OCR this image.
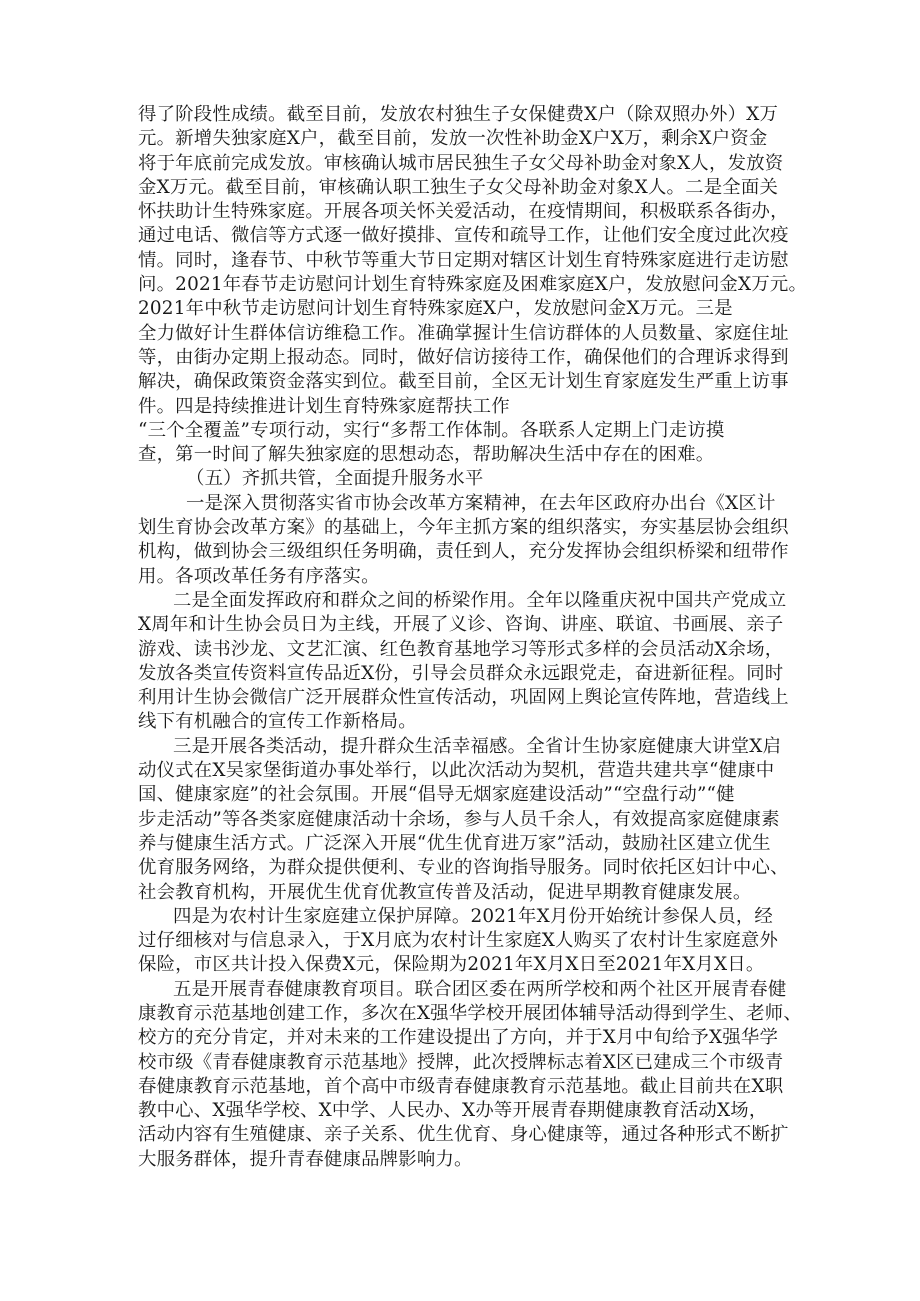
得了阶段性成绩。截至目前，发放农村独生子女保健费X户（除双照办外）X万
元。新增失独家庭X户，截至目前，发放一次性补助金X户X万，剩余X户资金
将于年底前完成发放。审核确认城市居民独生子女父母补助金对象X人，发放资
金X万元。截至目前，审核确认职工独生子女父母补助金对象X人。二是全面关
怀扶助计生特殊家庭。开展各项关怀关爱活动，在疫情期间，积极联系各街办，
通过电话、微信等方式逐一做好摸排、宣传和疏导工作，让他们安全度过此次疫
情。同时，逢春节、中秋节等重大节日定期对辖区计划生育特殊家庭进行走访慰
问。2021年春节走访慰问计划生育特殊家庭及困难家庭X户，发放慰问金X万元。
2021年中秋节走访慰问计划生育特殊家庭X户，发放慰问金X万元。三是
全力做好计生群体信访维稳工作。准确掌握计生信访群体的人员数量、家庭住址
等，由街办定期上报动态。同时，做好信访接待工作，确保他们的合理诉求得到
解决，确保政策资金落实到位。截至目前，全区无计划生育家庭发生严重上访事
件。四是持续推进计划生育特殊家庭帮扶工作
“三个全覆盖”专项行动，实行“多帮工作体制。各联系人定期上门走访摸
查，第一时间了解失独家庭的思想动态，帮助解决生活中存在的困难。
（五）齐抓共管，全面提升服务水平
一是深入贯彻落实省市协会改革方案精神，在去年区政府办出台《X区计
划生育协会改革方案》的基础上，今年主抓方案的组织落实，夯实基层协会组织
机构，做到协会三级组织任务明确，责任到人，充分发挥协会组织桥梁和纽带作
用。各项改革任务有序落实。
二是全面发挥政府和群众之间的桥梁作用。全年以隆重庆祝中国共产党成立
X周年和计生协会员日为主线，开展了义诊、咨询、讲座、联谊、书画展、亲子
游戏、读书沙龙、文艺汇演、红色教育基地学习等形式多样的会员活动X余场，
发放各类宣传资料宣传品近X份，引导会员群众永远跟党走，奋进新征程。同时
利用计生协会微信广泛开展群众性宣传活动，巩固网上舆论宣传阵地，营造线上
线下有机融合的宣传工作新格局。
三是开展各类活动，提升群众生活幸福感。全省计生协家庭健康大讲堂X启
动仪式在X吴家堡街道办事处举行，以此次活动为契机，营造共建共享“健康中
国、健康家庭”的社会氛围。开展“倡导无烟家庭建设活动”“空盘行动”“健
步走活动”等各类家庭健康活动十余场，参与人员千余人，有效提高家庭健康素
养与健康生活方式。广泛深入开展“优生优育进万家”活动，鼓励社区建立优生
优育服务网络，为群众提供便利、专业的咨询指导服务。同时依托区妇计中心、
社会教育机构，开展优生优育优教宣传普及活动，促进早期教育健康发展。
四是为农村计生家庭建立保护屏障。2021年X月份开始统计参保人员，经
过仔细核对与信息录入，于X月底为农村计生家庭X人购买了农村计生家庭意外
保险，市区共计投入保费X元，保险期为2021年X月X日至2021年X月X日。
五是开展青春健康教育项目。联合团区委在两所学校和两个社区开展青春健
康教育示范基地创建工作，多次在X强华学校开展团体辅导活动得到学生、老师、
校方的充分肯定，并对未来的工作建设提出了方向，并于X月中旬给予X强华学
校市级《青春健康教育示范基地》授牌，此次授牌标志着X区已建成三个市级青
春健康教育示范基地，首个高中市级青春健康教育示范基地。截止目前共在X职
教中心、X强华学校、X中学、人民办、X办等开展青春期健康教育活动X场，
活动内容有生殖健康、亲子关系、优生优育、身心健康等，通过各种形式不断扩
大服务群体，提升青春健康品牌影响力。
